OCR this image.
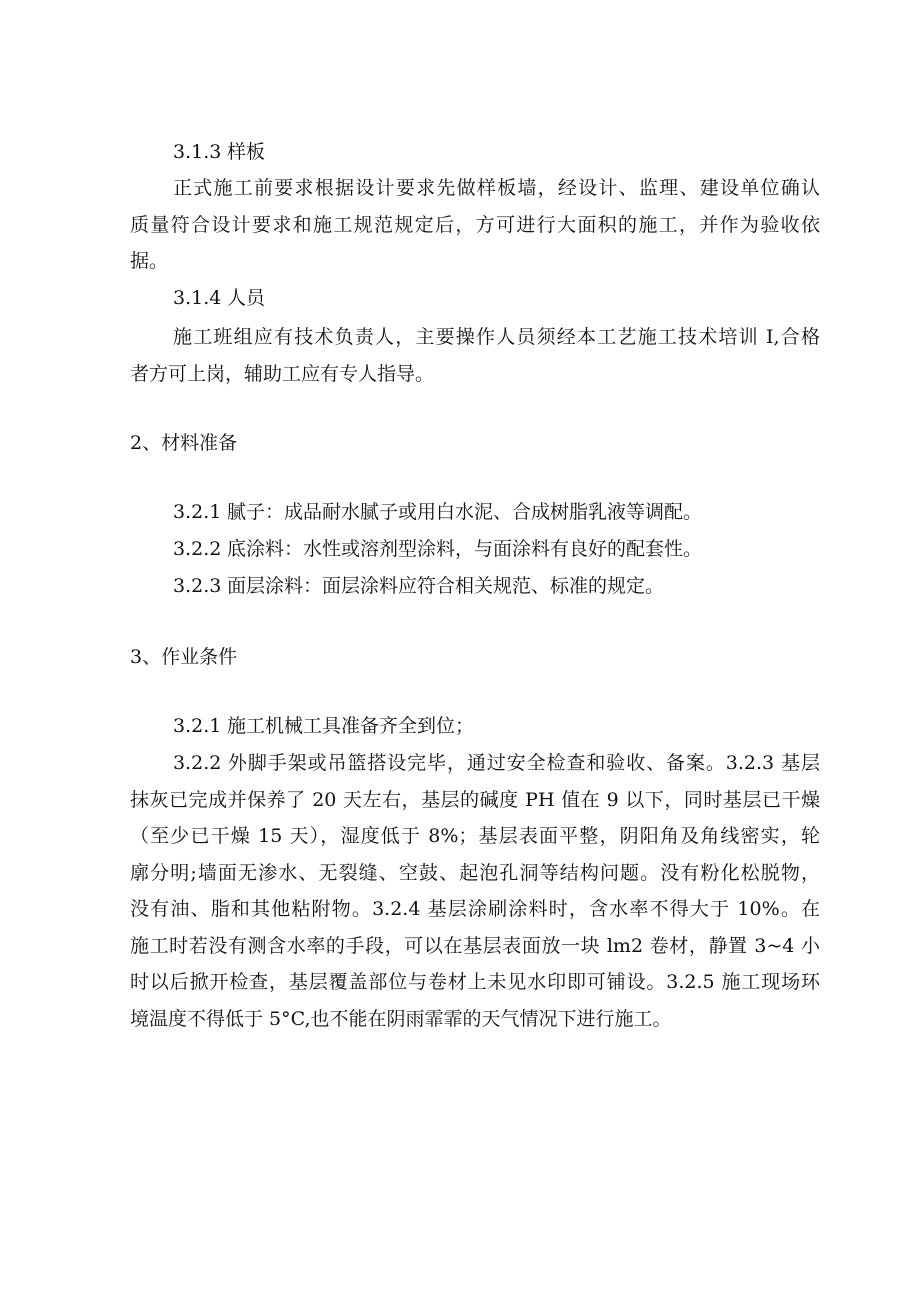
3.1.3 样板
正式施工前要求根据设计要求先做样板墙，经设计、监理、建设单位确认
质量符合设计要求和施工规范规定后，方可进行大面积的施工，并作为验收依
据。
3.1.4 人员
施工班组应有技术负责人，主要操作人员须经本工艺施工技术培训 I,合格
者方可上岗，辅助工应有专人指导。
2、材料准备
3.2.1 腻子：成品耐水腻子或用白水泥、合成树脂乳液等调配。
3.2.2 底涂料：水性或溶剂型涂料，与面涂料有良好的配套性。
3.2.3 面层涂料：面层涂料应符合相关规范、标准的规定。
3、作业条件
3.2.1 施工机械工具准备齐全到位；
3.2.2 外脚手架或吊篮搭设完毕，通过安全检查和验收、备案。3.2.3 基层
抹灰已完成并保养了 20 天左右，基层的碱度 PH 值在 9 以下，同时基层已干燥
（至少已干燥 15 天），湿度低于 8%；基层表面平整，阴阳角及角线密实，轮
廓分明;墙面无渗水、无裂缝、空鼓、起泡孔洞等结构问题。没有粉化松脱物，
没有油、脂和其他粘附物。3.2.4 基层涂刷涂料时，含水率不得大于 10%。在
施工时若没有测含水率的手段，可以在基层表面放一块 lm2 卷材，静置 3~4 小
时以后掀开检查，基层覆盖部位与卷材上未见水印即可铺设。3.2.5 施工现场环
境温度不得低于 5°C,也不能在阴雨霏霏的天气情况下进行施工。
